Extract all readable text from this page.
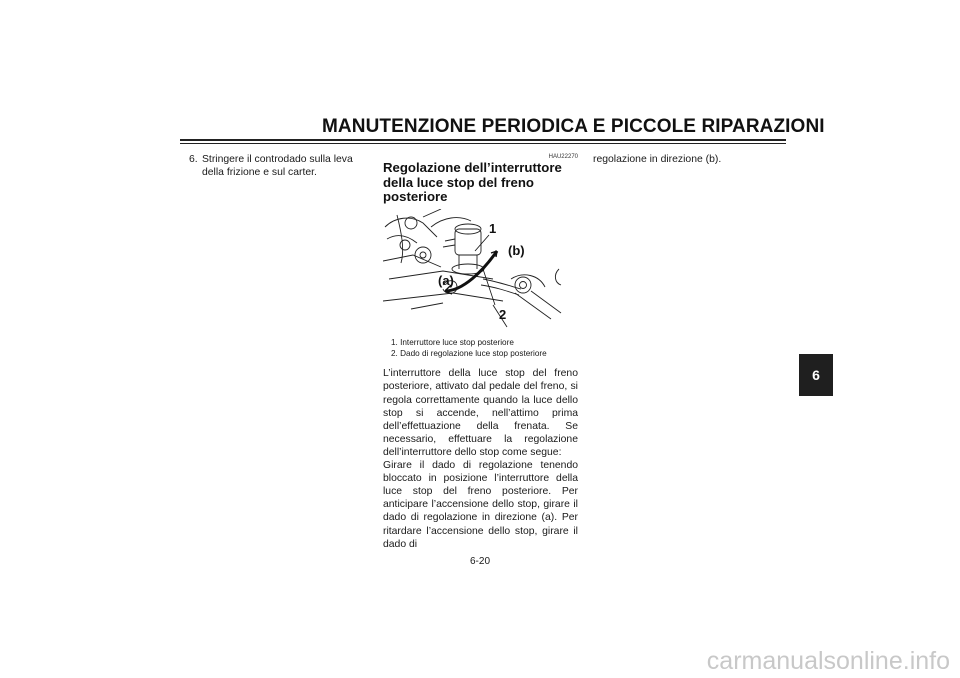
MANUTENZIONE PERIODICA E PICCOLE RIPARAZIONI
6. Stringere il controdado sulla leva della frizione e sul carter.
HAU22270
Regolazione dell’interruttore della luce stop del freno posteriore
1
(b)
(a)
2
1. Interruttore luce stop posteriore
2. Dado di regolazione luce stop posteriore

L’interruttore della luce stop del freno posteriore, attivato dal pedale del freno, si regola correttamente quando la luce dello stop si accende, nell’attimo prima dell’effettuazione della frenata. Se necessario, effettuare la regolazione dell’interruttore dello stop come segue:

Girare il dado di regolazione tenendo bloccato in posizione l’interruttore della luce stop del freno posteriore. Per anticipare l’accensione dello stop, girare il dado di regolazione in direzione (a). Per ritardare l’accensione dello stop, girare il dado di

regolazione in direzione (b).
6-20
6
carmanualsonline.info
